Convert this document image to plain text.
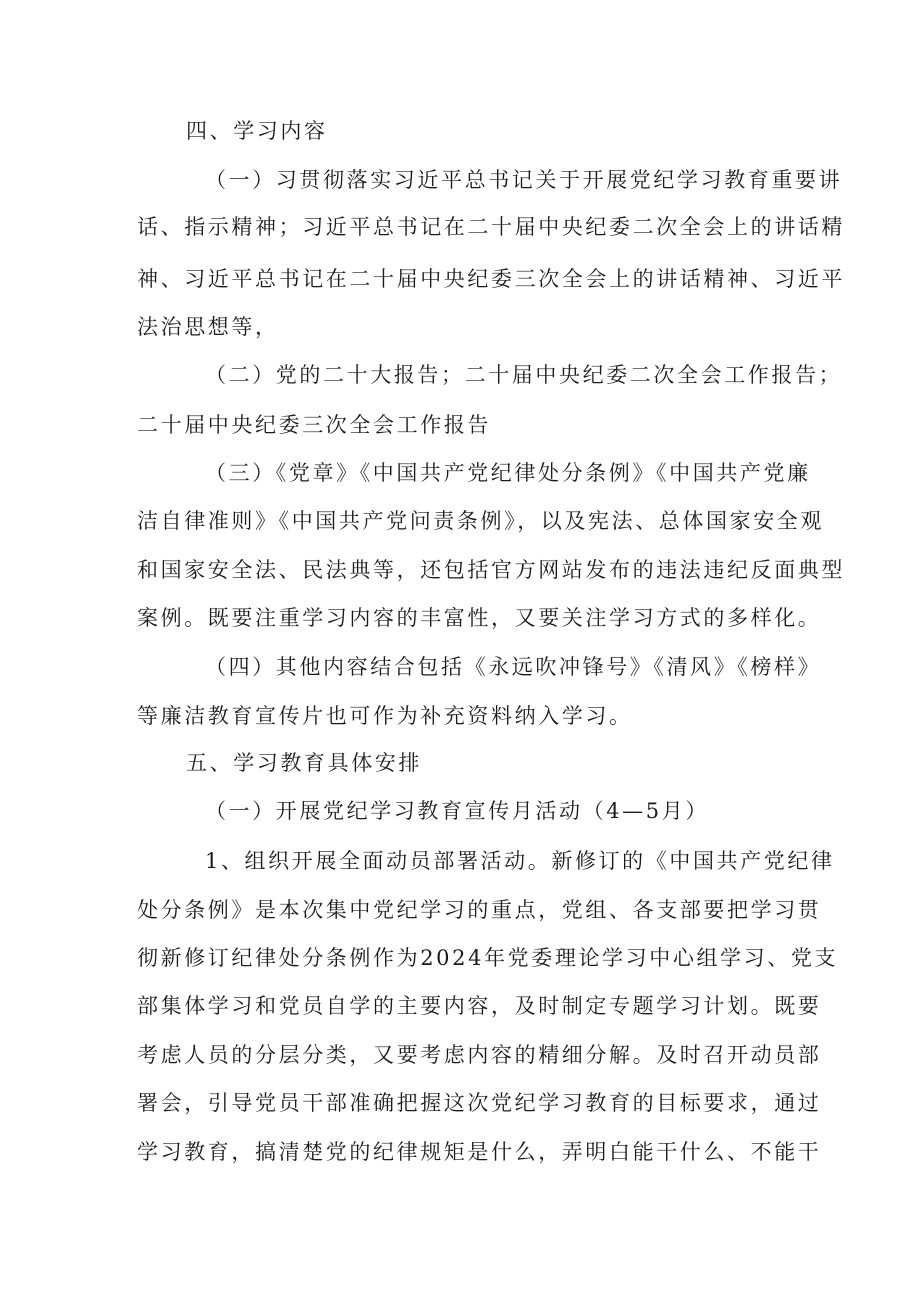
四、学习内容
（一）习贯彻落实习近平总书记关于开展党纪学习教育重要讲
话、指示精神；习近平总书记在二十届中央纪委二次全会上的讲话精
神、习近平总书记在二十届中央纪委三次全会上的讲话精神、习近平
法治思想等，
（二）党的二十大报告；二十届中央纪委二次全会工作报告；
二十届中央纪委三次全会工作报告
（三）《党章》《中国共产党纪律处分条例》《中国共产党廉
洁自律准则》《中国共产党问责条例》，以及宪法、总体国家安全观
和国家安全法、民法典等，还包括官方网站发布的违法违纪反面典型
案例。既要注重学习内容的丰富性，又要关注学习方式的多样化。
（四）其他内容结合包括《永远吹冲锋号》《清风》《榜样》
等廉洁教育宣传片也可作为补充资料纳入学习。
五、学习教育具体安排
（一）开展党纪学习教育宣传月活动（4—5月）
1、组织开展全面动员部署活动。新修订的《中国共产党纪律
处分条例》是本次集中党纪学习的重点，党组、各支部要把学习贯
彻新修订纪律处分条例作为2024年党委理论学习中心组学习、党支
部集体学习和党员自学的主要内容，及时制定专题学习计划。既要
考虑人员的分层分类，又要考虑内容的精细分解。及时召开动员部
署会，引导党员干部准确把握这次党纪学习教育的目标要求，通过
学习教育，搞清楚党的纪律规矩是什么，弄明白能干什么、不能干
